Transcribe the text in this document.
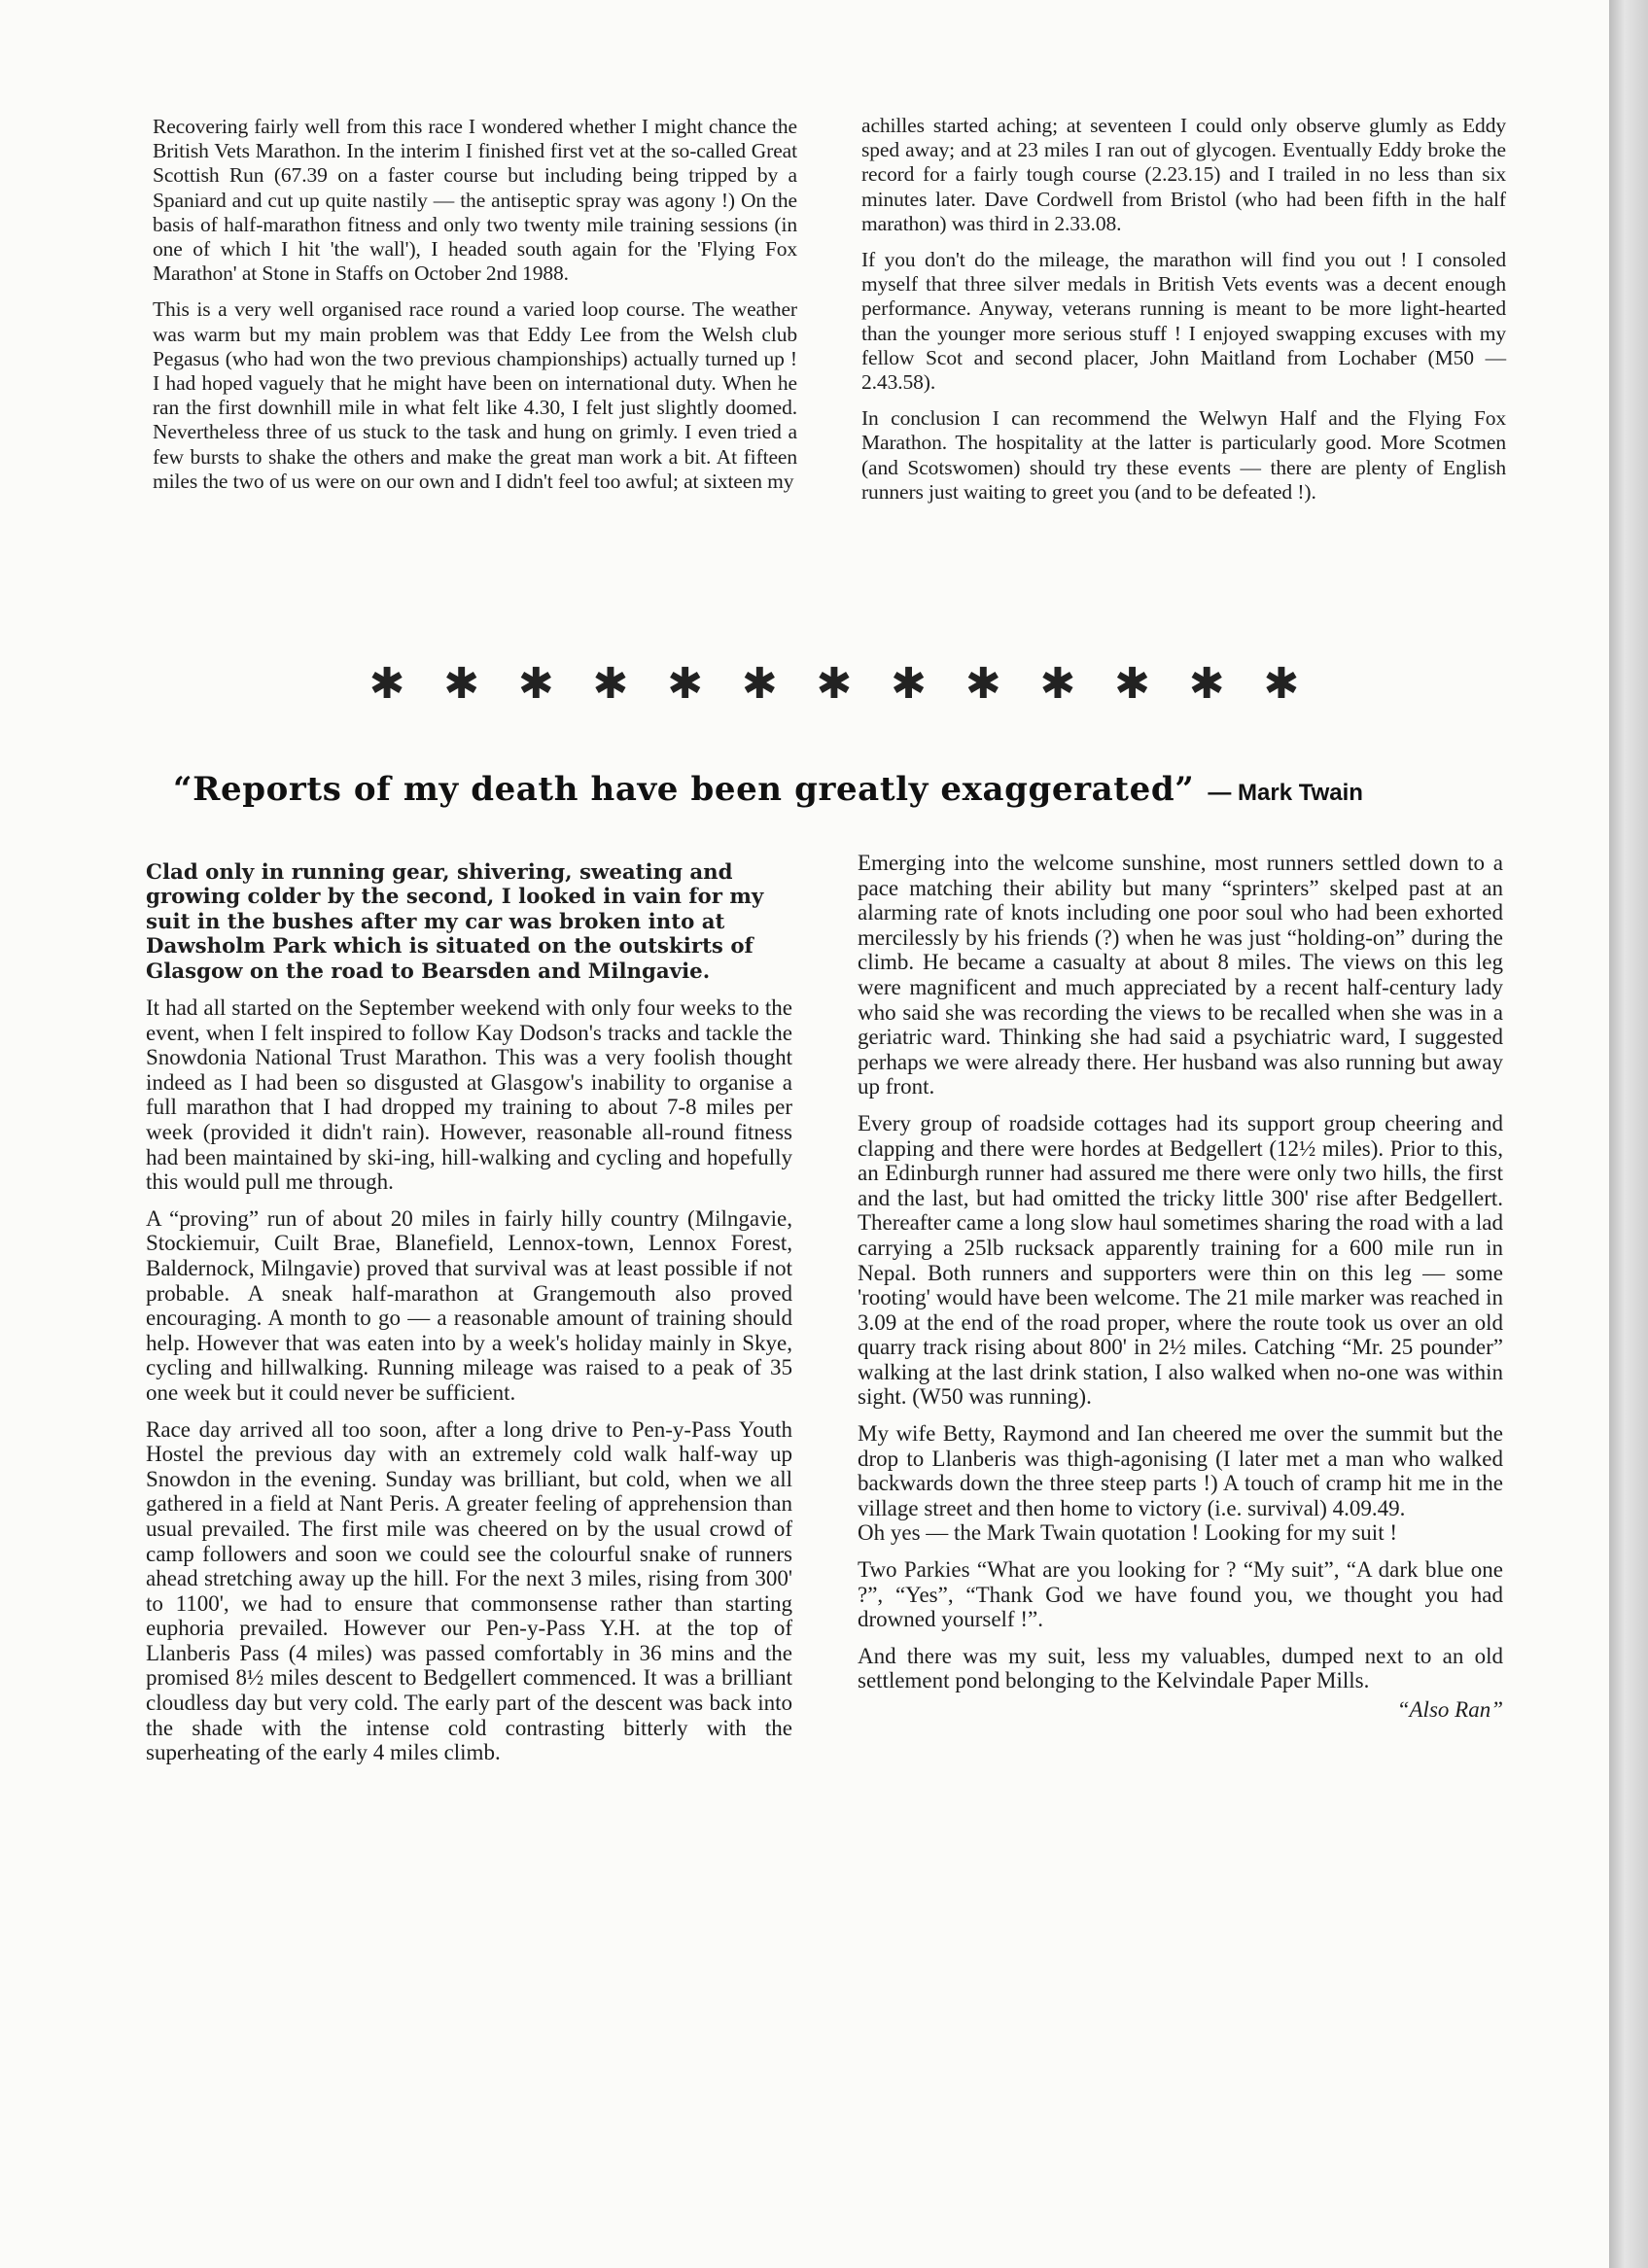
Recovering fairly well from this race I wondered whether I might chance the British Vets Marathon. In the interim I finished first vet at the so-called Great Scottish Run (67.39 on a faster course but including being tripped by a Spaniard and cut up quite nastily — the antiseptic spray was agony !) On the basis of half-marathon fitness and only two twenty mile training sessions (in one of which I hit 'the wall'), I headed south again for the 'Flying Fox Marathon' at Stone in Staffs on October 2nd 1988.

This is a very well organised race round a varied loop course. The weather was warm but my main problem was that Eddy Lee from the Welsh club Pegasus (who had won the two previous championships) actually turned up ! I had hoped vaguely that he might have been on international duty. When he ran the first downhill mile in what felt like 4.30, I felt just slightly doomed. Nevertheless three of us stuck to the task and hung on grimly. I even tried a few bursts to shake the others and make the great man work a bit. At fifteen miles the two of us were on our own and I didn't feel too awful; at sixteen my

achilles started aching; at seventeen I could only observe glumly as Eddy sped away; and at 23 miles I ran out of glycogen. Eventually Eddy broke the record for a fairly tough course (2.23.15) and I trailed in no less than six minutes later. Dave Cordwell from Bristol (who had been fifth in the half marathon) was third in 2.33.08.

If you don't do the mileage, the marathon will find you out ! I consoled myself that three silver medals in British Vets events was a decent enough performance. Anyway, veterans running is meant to be more light-hearted than the younger more serious stuff ! I enjoyed swapping excuses with my fellow Scot and second placer, John Maitland from Lochaber (M50 — 2.43.58).

In conclusion I can recommend the Welwyn Half and the Flying Fox Marathon. The hospitality at the latter is particularly good. More Scotmen (and Scotswomen) should try these events — there are plenty of English runners just waiting to greet you (and to be defeated !).

✱ ✱ ✱ ✱ ✱ ✱ ✱ ✱ ✱ ✱ ✱ ✱ ✱
“Reports of my death have been greatly exaggerated” — Mark Twain

Clad only in running gear, shivering, sweating and growing colder by the second, I looked in vain for my suit in the bushes after my car was broken into at Dawsholm Park which is situated on the outskirts of Glasgow on the road to Bearsden and Milngavie.

It had all started on the September weekend with only four weeks to the event, when I felt inspired to follow Kay Dodson's tracks and tackle the Snowdonia National Trust Marathon. This was a very foolish thought indeed as I had been so disgusted at Glasgow's inability to organise a full marathon that I had dropped my training to about 7-8 miles per week (provided it didn't rain). However, reasonable all-round fitness had been maintained by ski-ing, hill-walking and cycling and hopefully this would pull me through.

A “proving” run of about 20 miles in fairly hilly country (Milngavie, Stockiemuir, Cuilt Brae, Blanefield, Lennox-town, Lennox Forest, Baldernock, Milngavie) proved that survival was at least possible if not probable. A sneak half-marathon at Grangemouth also proved encouraging. A month to go — a reasonable amount of training should help. However that was eaten into by a week's holiday mainly in Skye, cycling and hillwalking. Running mileage was raised to a peak of 35 one week but it could never be sufficient.

Race day arrived all too soon, after a long drive to Pen-y-Pass Youth Hostel the previous day with an extremely cold walk half-way up Snowdon in the evening. Sunday was brilliant, but cold, when we all gathered in a field at Nant Peris. A greater feeling of apprehension than usual prevailed. The first mile was cheered on by the usual crowd of camp followers and soon we could see the colourful snake of runners ahead stretching away up the hill. For the next 3 miles, rising from 300' to 1100', we had to ensure that commonsense rather than starting euphoria prevailed. However our Pen-y-Pass Y.H. at the top of Llanberis Pass (4 miles) was passed comfortably in 36 mins and the promised 8½ miles descent to Bedgellert commenced. It was a brilliant cloudless day but very cold. The early part of the descent was back into the shade with the intense cold contrasting bitterly with the superheating of the early 4 miles climb.

Emerging into the welcome sunshine, most runners settled down to a pace matching their ability but many “sprinters” skelped past at an alarming rate of knots including one poor soul who had been exhorted mercilessly by his friends (?) when he was just “holding-on” during the climb. He became a casualty at about 8 miles. The views on this leg were magnificent and much appreciated by a recent half-century lady who said she was recording the views to be recalled when she was in a geriatric ward. Thinking she had said a psychiatric ward, I suggested perhaps we were already there. Her husband was also running but away up front.

Every group of roadside cottages had its support group cheering and clapping and there were hordes at Bedgellert (12½ miles). Prior to this, an Edinburgh runner had assured me there were only two hills, the first and the last, but had omitted the tricky little 300' rise after Bedgellert. Thereafter came a long slow haul sometimes sharing the road with a lad carrying a 25lb rucksack apparently training for a 600 mile run in Nepal. Both runners and supporters were thin on this leg — some 'rooting' would have been welcome. The 21 mile marker was reached in 3.09 at the end of the road proper, where the route took us over an old quarry track rising about 800' in 2½ miles. Catching “Mr. 25 pounder” walking at the last drink station, I also walked when no-one was within sight. (W50 was running).

My wife Betty, Raymond and Ian cheered me over the summit but the drop to Llanberis was thigh-agonising (I later met a man who walked backwards down the three steep parts !) A touch of cramp hit me in the village street and then home to victory (i.e. survival) 4.09.49.

Oh yes — the Mark Twain quotation ! Looking for my suit !

Two Parkies “What are you looking for ? “My suit”, “A dark blue one ?”, “Yes”, “Thank God we have found you, we thought you had drowned yourself !”.

And there was my suit, less my valuables, dumped next to an old settlement pond belonging to the Kelvindale Paper Mills.

“Also Ran”
